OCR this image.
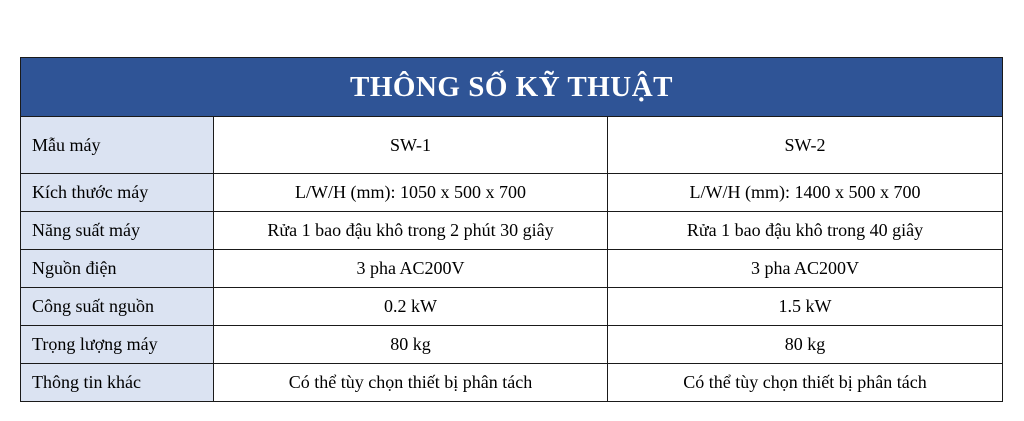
THÔNG SỐ KỸ THUẬT		
Mẫu máy	SW-1	SW-2
Kích thước máy	L/W/H (mm): 1050 x 500 x 700	L/W/H (mm): 1400 x 500 x 700
Năng suất máy	Rửa 1 bao đậu khô trong 2 phút 30 giây	Rửa 1 bao đậu khô trong 40 giây
Nguồn điện	3 pha AC200V	3 pha AC200V
Công suất nguồn	0.2 kW	1.5 kW
Trọng lượng máy	80 kg	80 kg
Thông tin khác	Có thể tùy chọn thiết bị phân tách	Có thể tùy chọn thiết bị phân tách
